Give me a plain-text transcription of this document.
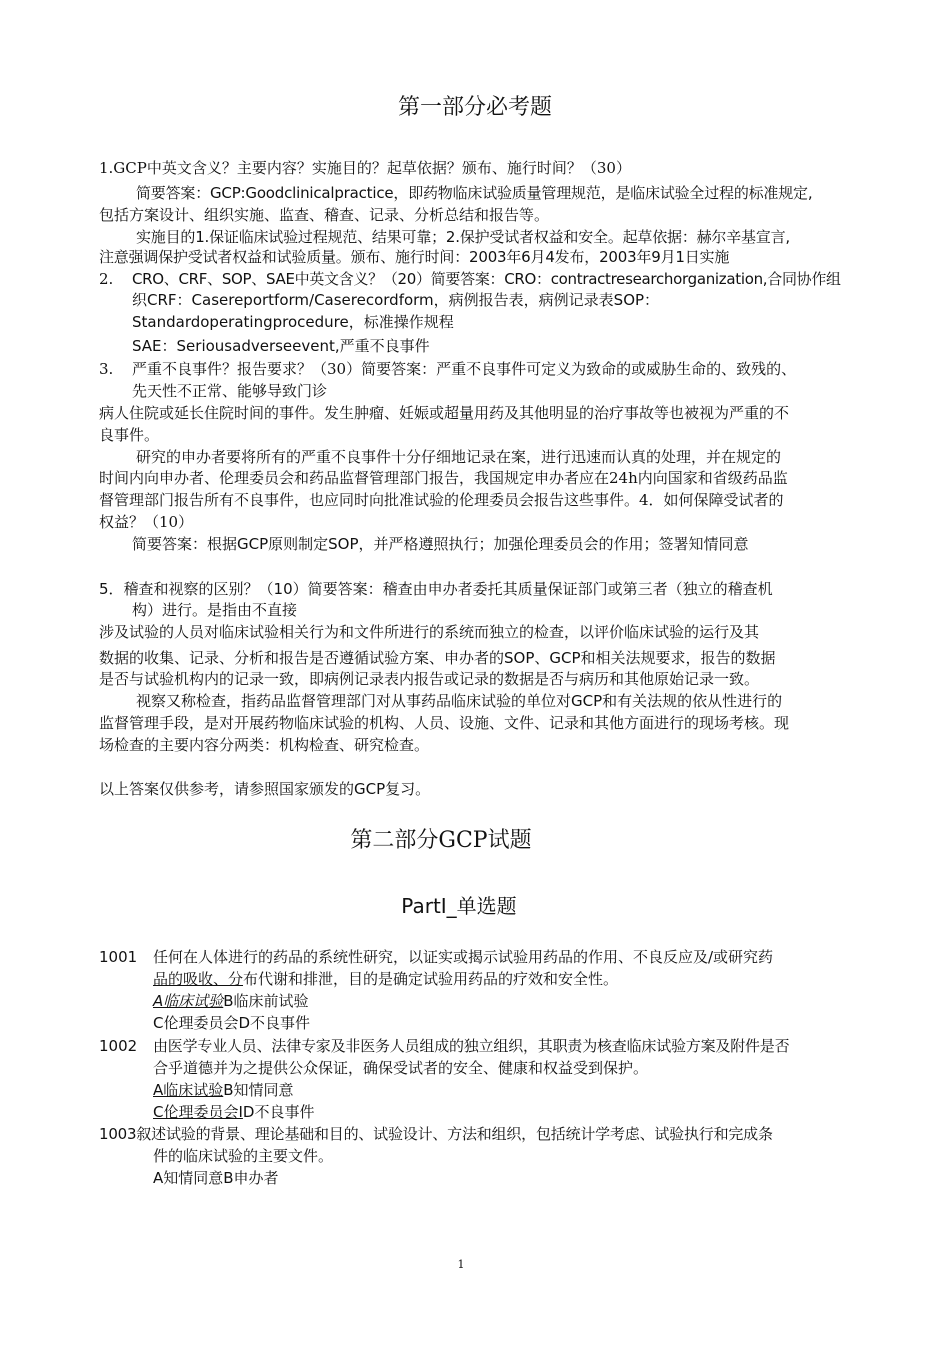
第一部分必考题
1.GCP中英文含义？主要内容？实施目的？起草依据？颁布、施行时间？（30）
简要答案：GCP:Goodclinicalpractice，即药物临床试验质量管理规范，是临床试验全过程的标准规定,
包括方案设计、组织实施、监查、稽查、记录、分析总结和报告等。
实施目的1.保证临床试验过程规范、结果可靠；2.保护受试者权益和安全。起草依据：赫尔辛基宣言,
注意强调保护受试者权益和试验质量。颁布、施行时间：2003年6月4发布，2003年9月1日实施
2. CRO、CRF、SOP、SAE中英文含义？（20）简要答案：CRO：contractresearchorganization,合同协作组
织CRF：Casereportform/Caserecordform，病例报告表，病例记录表SOP：
Standardoperatingprocedure，标准操作规程
SAE：Seriousadverseevent,严重不良事件
3. 严重不良事件？报告要求？（30）简要答案：严重不良事件可定义为致命的或威胁生命的、致残的、
先天性不正常、能够导致门诊
病人住院或延长住院时间的事件。发生肿瘤、妊娠或超量用药及其他明显的治疗事故等也被视为严重的不
良事件。
研究的申办者要将所有的严重不良事件十分仔细地记录在案，进行迅速而认真的处理，并在规定的
时间内向申办者、伦理委员会和药品监督管理部门报告，我国规定申办者应在24h内向国家和省级药品监
督管理部门报告所有不良事件，也应同时向批准试验的伦理委员会报告这些事件。4．如何保障受试者的
权益？（10）
简要答案：根据GCP原则制定SOP，并严格遵照执行；加强伦理委员会的作用；签署知情同意
5．稽查和视察的区别？（10）简要答案：稽查由申办者委托其质量保证部门或第三者（独立的稽查机
构）进行。是指由不直接
涉及试验的人员对临床试验相关行为和文件所进行的系统而独立的检查，以评价临床试验的运行及其
数据的收集、记录、分析和报告是否遵循试验方案、申办者的SOP、GCP和相关法规要求，报告的数据
是否与试验机构内的记录一致，即病例记录表内报告或记录的数据是否与病历和其他原始记录一致。
视察又称检查，指药品监督管理部门对从事药品临床试验的单位对GCP和有关法规的依从性进行的
监督管理手段，是对开展药物临床试验的机构、人员、设施、文件、记录和其他方面进行的现场考核。现
场检查的主要内容分两类：机构检查、研究检查。
以上答案仅供参考，请参照国家颁发的GCP复习。
第二部分GCP试题
PartI_单选题
1001 任何在人体进行的药品的系统性研究，以证实或揭示试验用药品的作用、不良反应及/或研究药
品的吸收、分布代谢和排泄，目的是确定试验用药品的疗效和安全性。
A临床试验B临床前试验
C伦理委员会D不良事件
1002 由医学专业人员、法律专家及非医务人员组成的独立组织，其职责为核查临床试验方案及附件是否
合乎道德并为之提供公众保证，确保受试者的安全、健康和权益受到保护。
A临床试验B知情同意
C伦理委员会ID不良事件
1003叙述试验的背景、理论基础和目的、试验设计、方法和组织，包括统计学考虑、试验执行和完成条
件的临床试验的主要文件。
A知情同意B申办者
1
